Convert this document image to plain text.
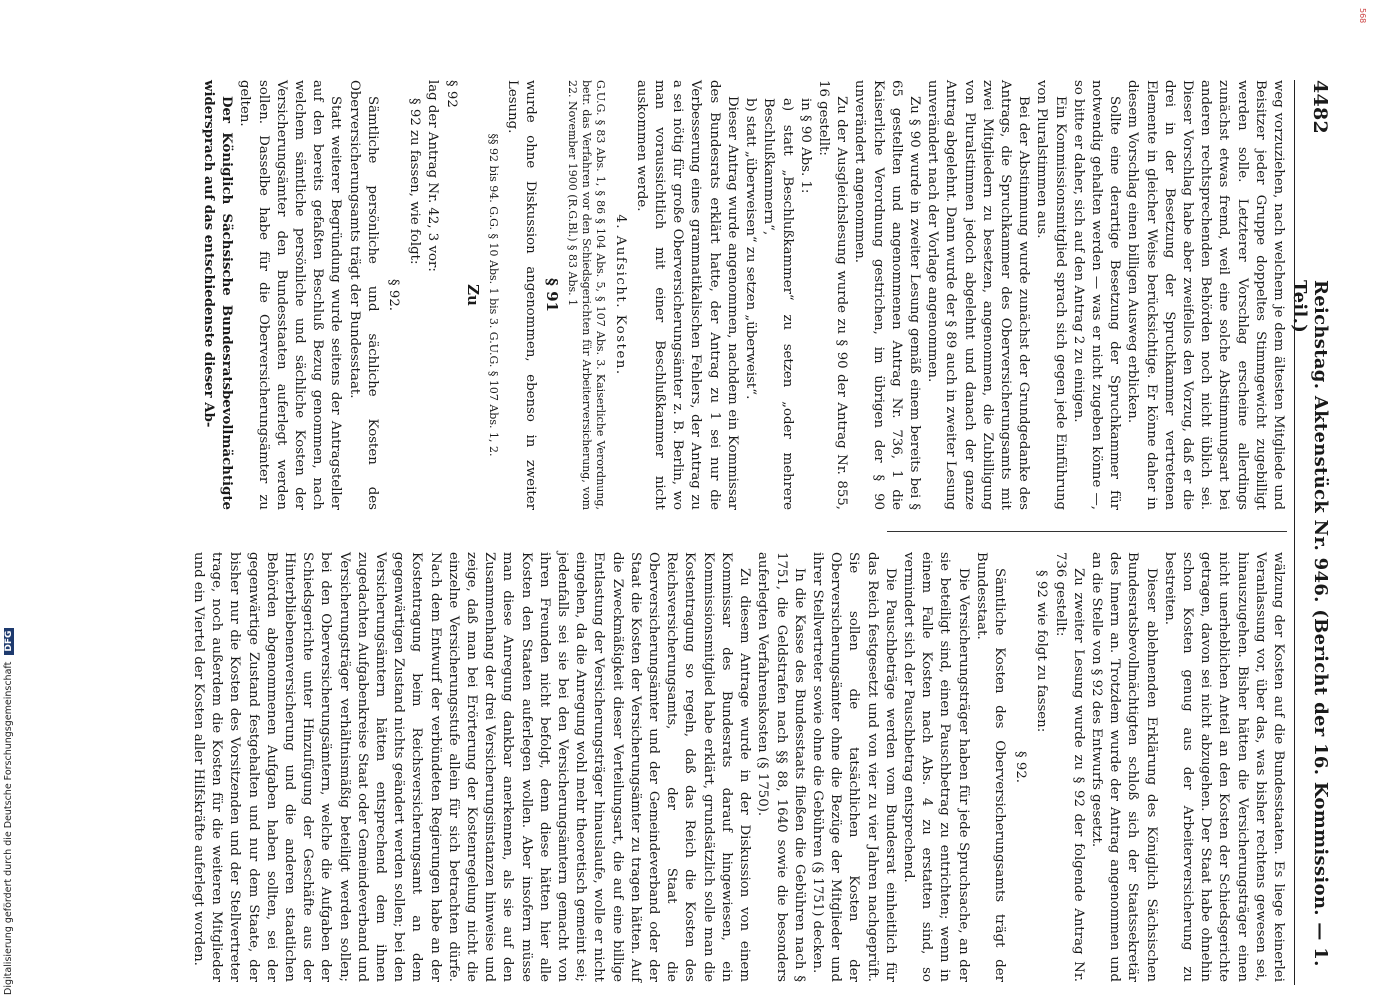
568
Digitalisierung gefördert durch die Deutsche Forschungsgemeinschaft DFG
4482
Reichstag. Aktenstück Nr. 946. (Bericht der 16. Kommission. — 1. Teil.)

weg vorzuziehen, nach welchem je dem ältesten Mitgliede und Beisitzer jeder Gruppe doppeltes Stimmgewicht zugebilligt werden solle. Letzterer Vorschlag erscheine allerdings zunächst etwas fremd, weil eine solche Abstimmungsart bei anderen rechtsprechenden Behörden noch nicht üblich sei. Dieser Vorschlag habe aber zweifellos den Vorzug, daß er die drei in der Besetzung der Spruchkammer vertretenen Elemente in gleicher Weise berücksichtige. Er könne daher in diesem Vorschlag einen billigen Ausweg erblicken.

Sollte eine derartige Besetzung der Spruchkammer für notwendig gehalten werden — was er nicht zugeben könne —, so bitte er daher, sich auf den Antrag 2 zu einigen.

Ein Kommissionsmitglied sprach sich gegen jede Einführung von Pluralstimmen aus.

Bei der Abstimmung wurde zunächst der Grundgedanke des Antrags, die Spruchkammer des Oberversicherungsamts mit zwei Mitgliedern zu besetzen, angenommen, die Zubilligung von Pluralstimmen jedoch abgelehnt und danach der ganze Antrag abgelehnt. Dann wurde der § 89 auch in zweiter Lesung unverändert nach der Vorlage angenommen.

Zu § 90 wurde in zweiter Lesung gemäß einem bereits bei § 65 gestellten und angenommenen Antrag Nr. 736, 1 die Kaiserliche Verordnung gestrichen, im übrigen der § 90 unverändert angenommen.

Zu der Ausgleichslesung wurde zu § 90 der Antrag Nr. 855, 16 gestellt:

in § 90 Abs. 1:

a) statt „Beschlußkammer“ zu setzen „oder mehrere Beschlußkammern“,

b) statt „überweisen“ zu setzen „überweist“.

Dieser Antrag wurde angenommen, nachdem ein Kommissar des Bundesrats erklärt hatte, der Antrag zu 1 sei nur die Verbesserung eines grammatikalischen Fehlers, der Antrag zu a sei nötig für große Oberversicherungsämter z. B. Berlin, wo man voraussichtlich mit einer Beschlußkammer nicht auskommen werde.

4. Aufsicht. Kosten.

G.U.G. § 83 Abs. 1, § 86 § 104 Abs. 5, § 107 Abs. 3. Kaiserliche Verordnung, betr. das Verfahren vor den Schiedsgerichten für Arbeiterversicherung, vom 22. November 1900 (R.G.Bl.) § 83 Abs. 1

§ 91

wurde ohne Diskussion angenommen, ebenso in zweiter Lesung.

§§ 92 bis 94. G.G. § 10 Abs. 1 bis 3. G.U.G. § 107 Abs. 1, 2.

Zu

§ 92

lag der Antrag Nr. 42, 3 vor:

§ 92 zu fassen, wie folgt:

§ 92.

Sämtliche persönliche und sächliche Kosten des Oberversicherungsamts trägt der Bundesstaat.

Statt weiterer Begründung wurde seitens der Antragsteller auf den bereits gefaßten Beschluß Bezug genommen, nach welchem sämtliche persönliche und sächliche Kosten der Versicherungsämter den Bundesstaaten auferlegt werden sollen. Dasselbe habe für die Oberversicherungsämter zu gelten.

Der Königlich Sächsische Bundesratsbevollmächtigte widersprach auf das entschiedenste dieser Ab-

wälzung der Kosten auf die Bundesstaaten. Es liege keinerlei Veranlassung vor, über das, was bisher rechtens gewesen sei, hinauszugehen. Bisher hätten die Versicherungsträger einen nicht unerheblichen Anteil an den Kosten der Schiedsgerichte getragen, davon sei nicht abzugehen. Der Staat habe ohnehin schon Kosten genug aus der Arbeiterversicherung zu bestreiten.

Dieser ablehnenden Erklärung des Königlich Sächsischen Bundesratsbevollmächtigten schloß sich der Staatssekretär des Innern an. Trotzdem wurde der Antrag angenommen und an die Stelle von § 92 des Entwurfs gesetzt.

Zu zweiter Lesung wurde zu § 92 der folgende Antrag Nr. 736 gestellt:

§ 92 wie folgt zu fassen:

§ 92.

Sämtliche Kosten des Oberversicherungsamts trägt der Bundesstaat.

Die Versicherungsträger haben für jede Spruchsache, an der sie beteiligt sind, einen Pauschbetrag zu entrichten; wenn in einem Falle Kosten nach Abs. 4 zu erstatten sind, so vermindert sich der Pauschbetrag entsprechend.

Die Pauschbeträge werden vom Bundesrat einheitlich für das Reich festgesetzt und von vier zu vier Jahren nachgeprüft. Sie sollen die tatsächlichen Kosten der Oberversicherungsämter ohne die Bezüge der Mitglieder und ihrer Stellvertreter sowie ohne die Gebühren (§ 1751) decken.

In die Kasse des Bundesstaats fließen die Gebühren nach § 1751, die Geldstrafen nach §§ 88, 1640 sowie die besonders auferlegten Verfahrenskosten (§ 1750).

Zu diesem Antrage wurde in der Diskussion von einem Kommissar des Bundesrats darauf hingewiesen, ein Kommissionsmitglied habe erklärt, grundsätzlich solle man die Kostentragung so regeln, daß das Reich die Kosten des Reichsversicherungsamts, der Staat die Oberversicherungsämter und der Gemeindeverband oder der Staat die Kosten der Versicherungsämter zu tragen hätten. Auf die Zweckmäßigkeit dieser Verteilungsart, die auf eine billige Entlastung der Versicherungsträger hinauslaufe, wolle er nicht eingehen, da die Anregung wohl mehr theoretisch gemeint sei; jedenfalls sei sie bei den Versicherungsämtern gemacht von ihren Freunden nicht befolgt, denn diese hätten hier alle Kosten den Staaten auferlegen wollen. Aber insofern müsse man diese Anregung dankbar anerkennen, als sie auf den Zusammenhang der drei Versicherungsinstanzen hinweise und zeige, daß man bei Erörterung der Kostenregelung nicht die einzelne Versicherungsstufe allein für sich betrachten dürfe. Nach dem Entwurf der verbündeten Regierungen habe an der Kostentragung beim Reichsversicherungsamt an dem gegenwärtigen Zustand nichts geändert werden sollen; bei den Versicherungsämtern hätten entsprechend dem ihnen zugedachten Aufgabenkreise Staat oder Gemeindeverband und Versicherungsträger verhältnismäßig beteiligt werden sollen; bei den Oberversicherungsämtern, welche die Aufgaben der Schiedsgerichte unter Hinzufügung der Geschäfte aus der Hinterbliebenenversicherung und die anderen staatlichen Behörden abgenommenen Aufgaben haben sollten, sei der gegenwärtige Zustand festgehalten und nur dem Staate, der bisher nur die Kosten des Vorsitzenden und der Stellvertreter trage, noch außerdem die Kosten für die weiteren Mitglieder und ein Viertel der Kosten aller Hilfskräfte auferlegt worden.
